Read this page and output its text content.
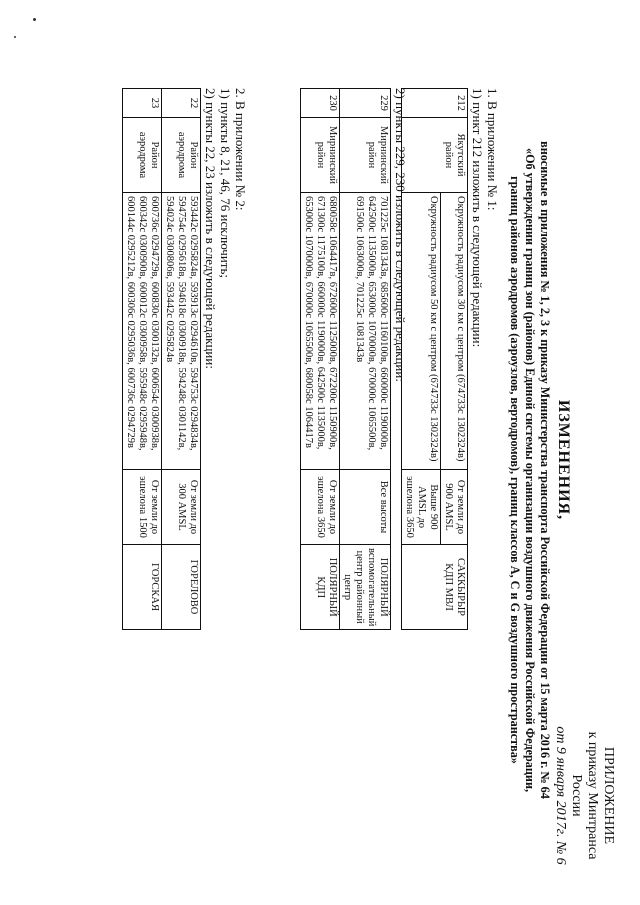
ПРИЛОЖЕНИЕ
к приказу Минтранса России
от 9 января 2017г. № 6

ИЗМЕНЕНИЯ,

вносимые в приложения № 1, 2, 3 к приказу Министерства транспорта Российской Федерации от 15 марта 2016 г. № 64

«Об утверждении границ зон (районов) Единой системы организации воздушного движения Российской Федерации,

границ районов аэродромов (аэроузлов, вертодромов), границ классов A, C и G воздушного пространства»

1. В приложении № 1:
1) пункт 212 изложить в следующей редакции:
212	Якутский район	Окружность радиусом 30 км с центром (674733с 1302324в)	От земли до 900 AMSL	САККЫРЫР КДП МВЛ
		Окружность радиусом 50 км с центром (674733с 1302324в)	Выше 900 AMSL до эшелона 3650	
2) пункты 229, 230 изложить в следующей редакции:
229	Мирнинский район	701225с 1081343в, 685600с 1160100в, 660000с 1190000в, 642500с 1135000в, 653000с 1070000в, 670000с 1065500в, 691500с 1063000в, 701225с 1081343в	Все высоты	ПОЛЯРНЫЙ вспомогательный центр районный центр
230	Мирнинский район	680058с 1064417в, 672600с 1125000в, 672200с 1150900в, 671300с 1175100в, 660000с 1190000в, 642500с 1135000в, 653000с 1070000в, 670000с 1065500в, 680058с 1064417в	От земли до эшелона 3650	ПОЛЯРНЫЙ КДП
2. В приложении № 2:
1) пункты 8, 21, 46, 76 исключить;
2) пункты 22, 23 изложить в следующей редакции:
22	Район аэродрома	593442с 0295824в, 593913с 0294610в, 594753с 0294834в, 594754с 0295618в, 594618с 0300918в, 594248с 0301142в, 594024с 0300806в, 593442с 0295824в	От земли до 300 AMSL	ГОРЕЛОВО
23	Район аэродрома	600736с 0294729в, 600830с 0300132в, 600654с 0300938в, 600342с 0300900в, 600012с 0300958в, 595948с 0295948в, 600144с 0295212в, 600306с 0295036в, 600736с 0294729в	От земли до эшелона 1500	ГОРСКАЯ
